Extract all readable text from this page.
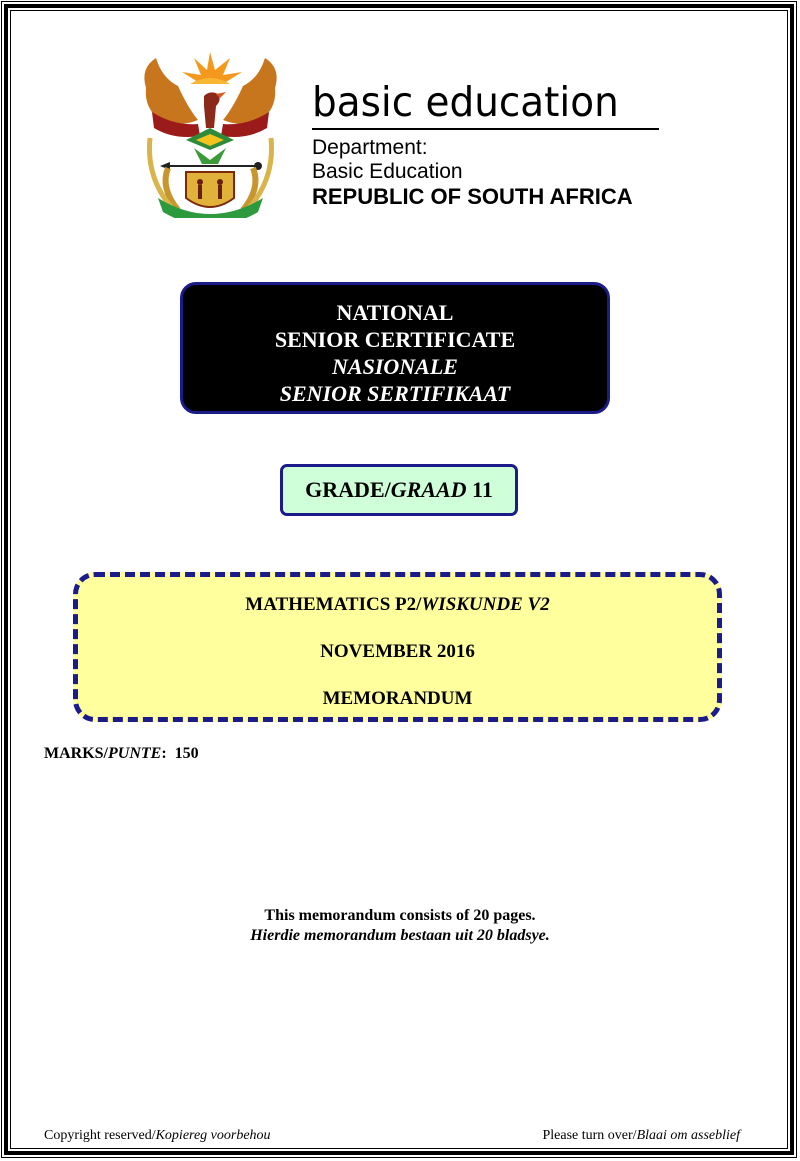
basic education
Department:
Basic Education
REPUBLIC OF SOUTH AFRICA
NATIONAL
SENIOR CERTIFICATE
NASIONALE
SENIOR SERTIFIKAAT
GRADE/GRAAD 11
MATHEMATICS P2/WISKUNDE V2
NOVEMBER 2016
MEMORANDUM
MARKS/PUNTE:  150
This memorandum consists of 20 pages.
Hierdie memorandum bestaan uit 20 bladsye.
Copyright reserved/Kopiereg voorbehou	Please turn over/Blaai om asseblief
